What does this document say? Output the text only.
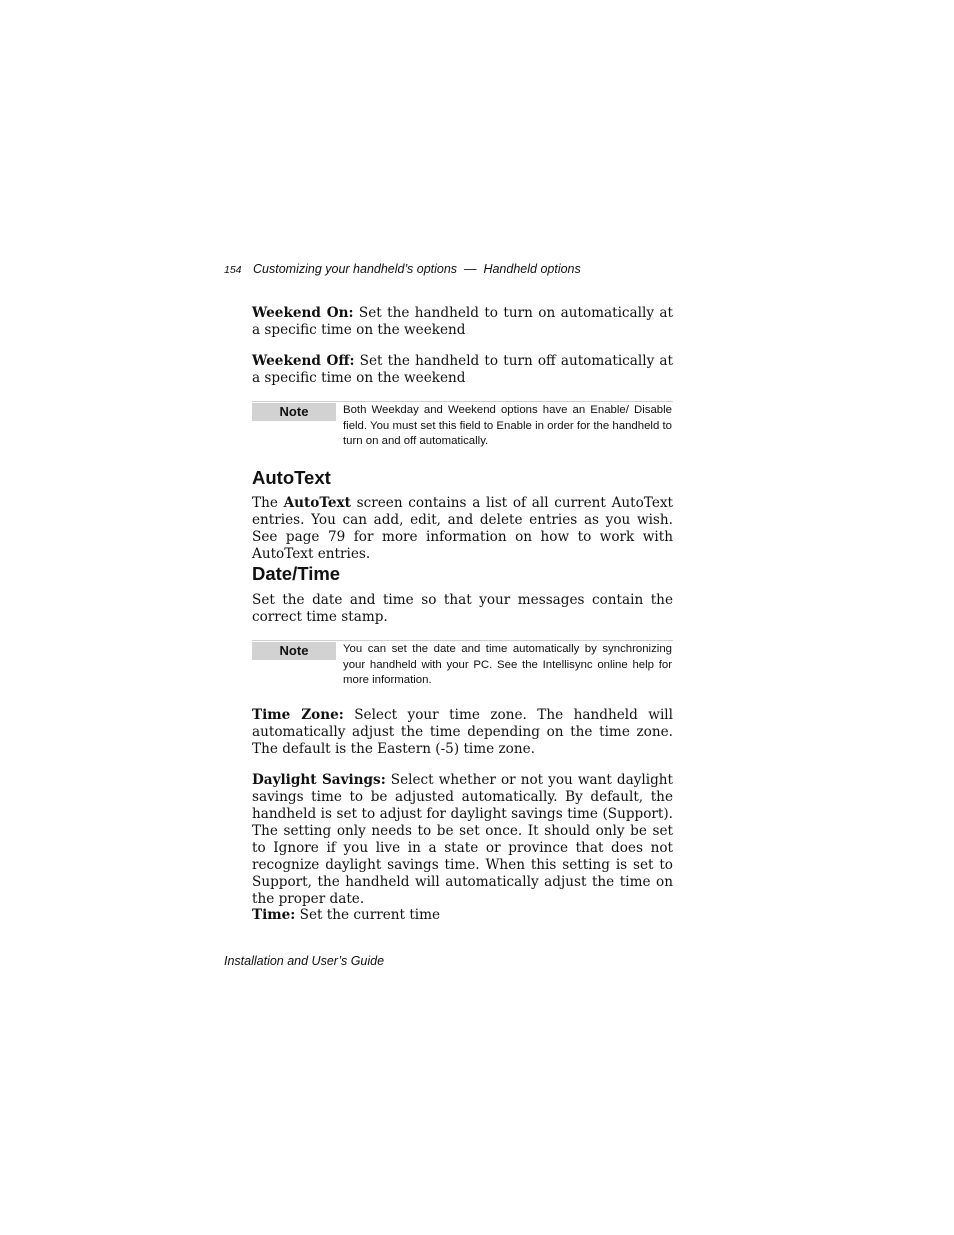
154 Customizing your handheld’s options  —  Handheld options

Weekend On: Set the handheld to turn on automatically at a specific time on the weekend

Weekend Off: Set the handheld to turn off automatically at a specific time on the weekend

Note	Both Weekday and Weekend options have an Enable/ Disable field. You must set this field to Enable in order for the handheld to turn on and off automatically.

AutoText

The AutoText screen contains a list of all current AutoText entries. You can add, edit, and delete entries as you wish. See page 79 for more information on how to work with AutoText entries.

Date/Time

Set the date and time so that your messages contain the correct time stamp.

Note	You can set the date and time automatically by synchronizing your handheld with your PC. See the Intellisync online help for more information.

Time Zone: Select your time zone. The handheld will automatically adjust the time depending on the time zone. The default is the Eastern (-5) time zone.

Daylight Savings: Select whether or not you want daylight savings time to be adjusted automatically. By default, the handheld is set to adjust for daylight savings time (Support). The setting only needs to be set once. It should only be set to Ignore if you live in a state or province that does not recognize daylight savings time. When this setting is set to Support, the handheld will automatically adjust the time on the proper date.

Time: Set the current time

Installation and User’s Guide
